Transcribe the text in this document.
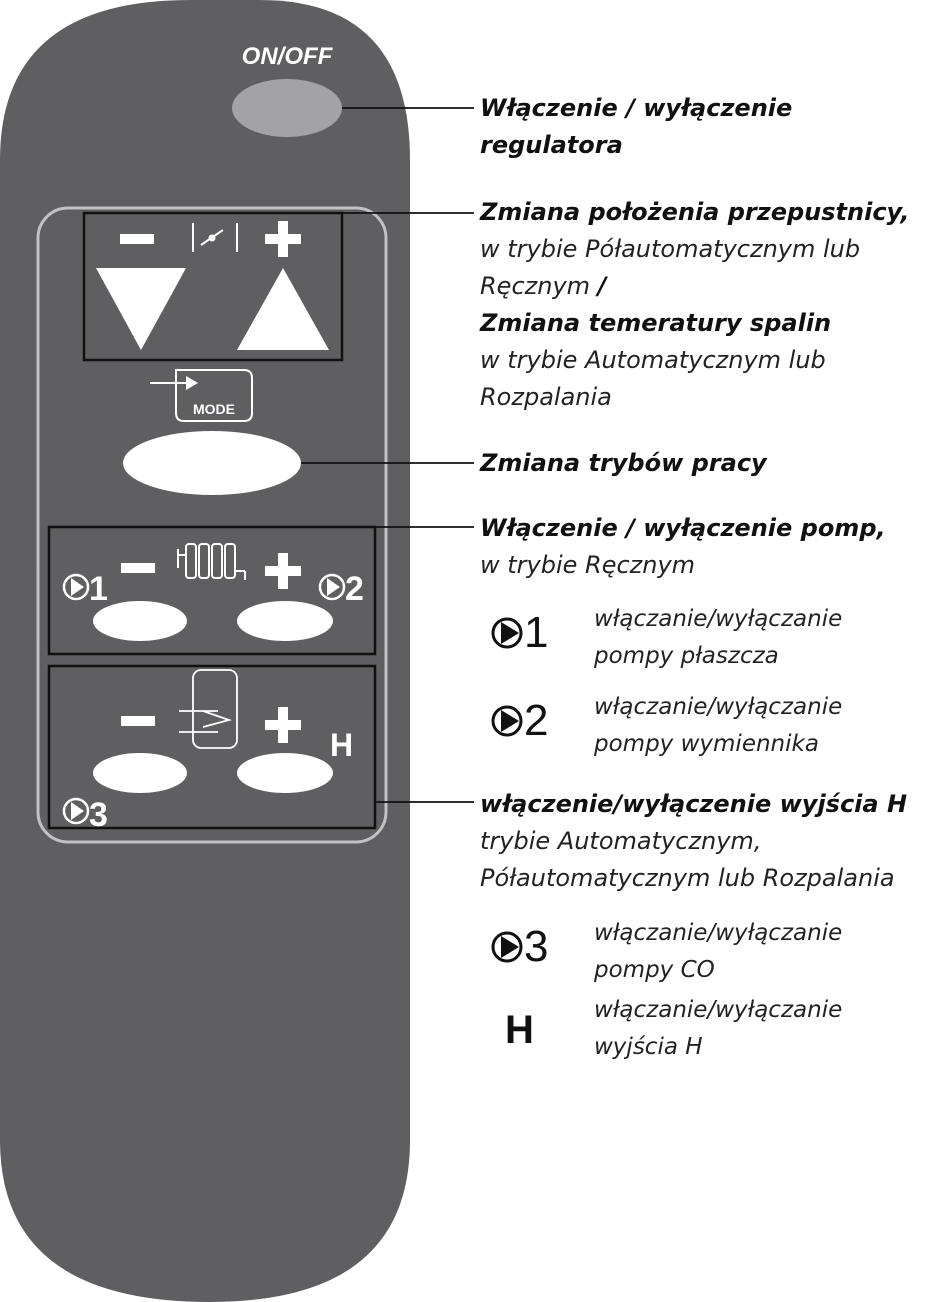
ON/OFF
MODE
1	2
H
3
Włączenie / wyłączenie
regulatora
Zmiana położenia przepustnicy,
w trybie Półautomatycznym lub
Ręcznym /
Zmiana temeratury spalin
w trybie Automatycznym lub
Rozpalania
Zmiana trybów pracy
Włączenie / wyłączenie pomp,
w trybie Ręcznym
1 włączanie/wyłączanie
pompy płaszcza
2 włączanie/wyłączanie
pompy wymiennika
włączenie/wyłączenie wyjścia H
trybie Automatycznym,
Półautomatycznym lub Rozpalania
3 włączanie/wyłączanie
pompy CO
H	włączanie/wyłączanie
wyjścia H
